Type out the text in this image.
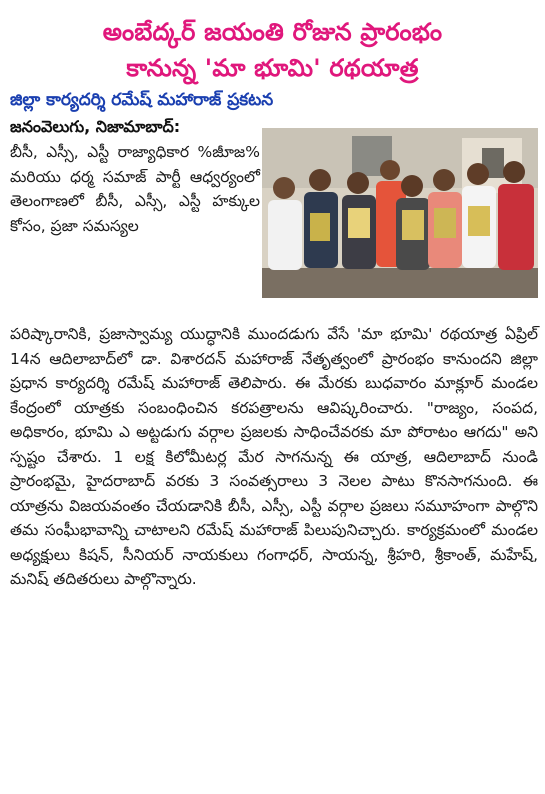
అంబేద్కర్ జయంతి రోజున ప్రారంభం
కానున్న 'మా భూమి' రథయాత్ర
జిల్లా కార్యదర్శి రమేష్ మహారాజ్ ప్రకటన
జనంవెలుగు, నిజామాబాద్:

బీసీ, ఎస్సీ, ఎస్టీ రాజ్యాధికార %జీూజ% మరియు ధర్మ సమాజ్ పార్టీ ఆధ్వర్యంలో తెలంగాణలో బీసీ, ఎస్సీ, ఎస్టీ హక్కుల కోసం, ప్రజా సమస్యల

పరిష్కారానికి, ప్రజాస్వామ్య యుద్ధానికి ముందడుగు వేసే 'మా భూమి' రథయాత్ర ఏప్రిల్ 14న ఆదిలాబాద్‌లో డా. విశారదన్ మహారాజ్ నేతృత్వంలో ప్రారంభం కానుందని జిల్లా ప్రధాన కార్యదర్శి రమేష్ మహారాజ్ తెలిపారు. ఈ మేరకు బుధవారం మాక్లూర్ మండల కేంద్రంలో యాత్రకు సంబంధించిన కరపత్రాలను ఆవిష్కరించారు. "రాజ్యం, సంపద, అధికారం, భూమి ఎ అట్టడుగు వర్గాల ప్రజలకు సాధించేవరకు మా పోరాటం ఆగదు" అని స్పష్టం చేశారు. 1 లక్ష కిలోమీటర్ల మేర సాగనున్న ఈ యాత్ర, ఆదిలాబాద్ నుండి ప్రారంభమై, హైదరాబాద్ వరకు 3 సంవత్సరాలు 3 నెలల పాటు కొనసాగనుంది. ఈ యాత్రను విజయవంతం చేయడానికి బీసీ, ఎస్సీ, ఎస్టీ వర్గాల ప్రజలు సమూహంగా పాల్గొని తమ సంఘీభావాన్ని చాటాలని రమేష్ మహారాజ్ పిలుపునిచ్చారు. కార్యక్రమంలో మండల అధ్యక్షులు కిషన్, సీనియర్ నాయకులు గంగాధర్, సాయన్న, శ్రీహరి, శ్రీకాంత్, మహేష్, మనిష్ తదితరులు పాల్గొన్నారు.
